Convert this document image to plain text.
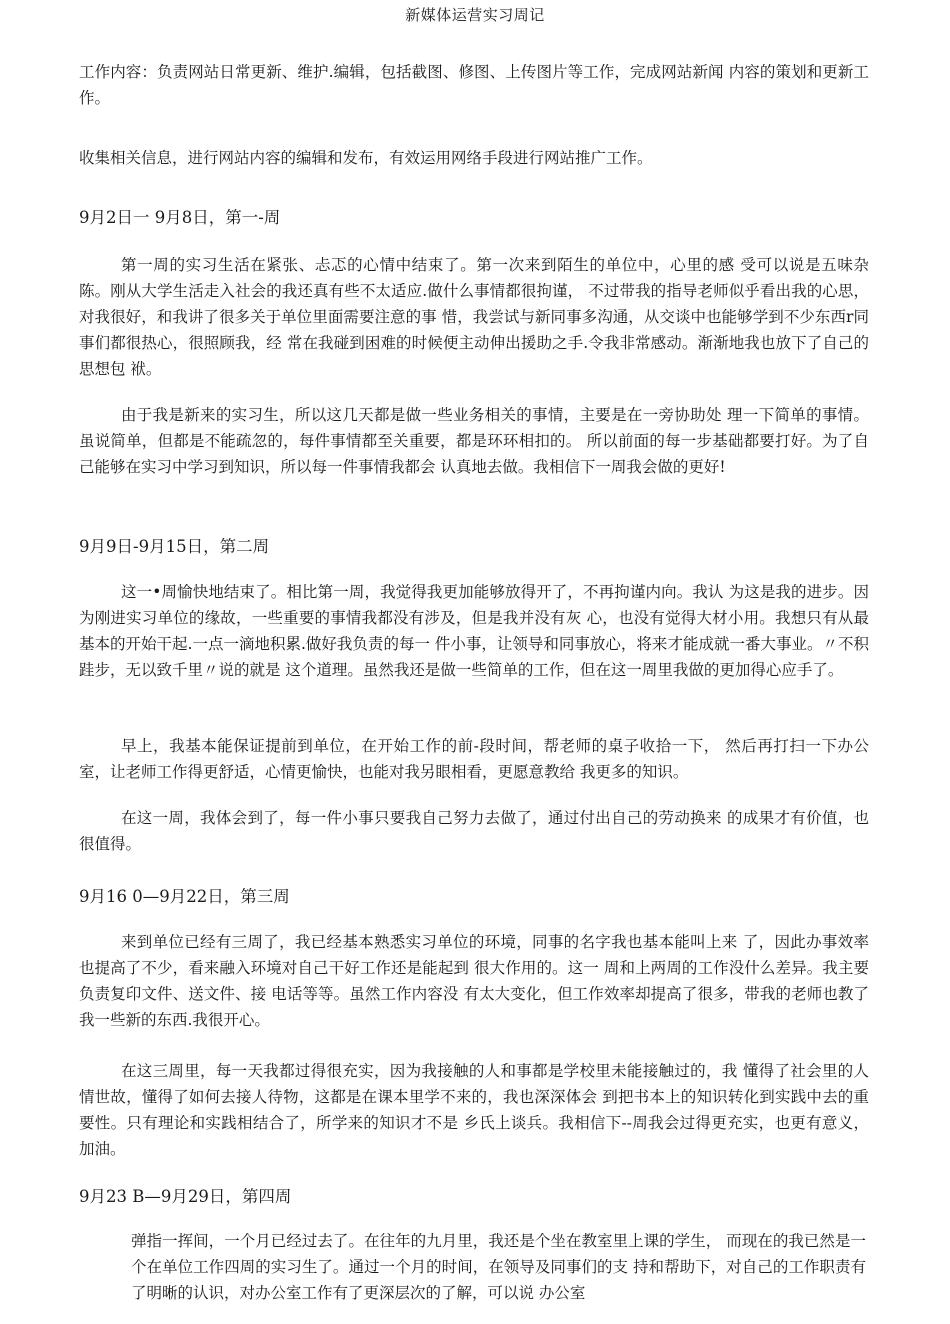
新媒体运营实习周记

工作内容：负责网站日常更新、维护.编辑，包括截图、修图、上传图片等工作，完成网站新闻 内容的策划和更新工作。

收集相关信息，进行网站内容的编辑和发布，有效运用网络手段进行网站推广工作。

9月2日一 9月8日，第一-周

第一周的实习生活在紧张、忐忑的心情中结束了。第一次来到陌生的单位中，心里的感 受可以说是五味杂陈。刚从大学生活走入社会的我还真有些不太适应.做什么事情都很拘谨， 不过带我的指导老师似乎看出我的心思，对我很好，和我讲了很多关于单位里面需要注意的事 惜，我尝试与新同事多沟通，从交谈中也能够学到不少东西r同事们都很热心，很照顾我，经 常在我碰到困难的时候便主动伸出援助之手.令我非常感动。渐渐地我也放下了自己的思想包 袱。

由于我是新来的实习生，所以这几天都是做一些业务相关的事情，主要是在一旁协助处 理一下简单的事情。虽说简单，但都是不能疏忽的，每件事情都至关重要，都是环环相扣的。 所以前面的每一步基础都要打好。为了自己能够在实习中学习到知识，所以每一件事情我都会 认真地去做。我相信下一周我会做的更好!

9月9日-9月15日，第二周

这一•周愉快地结束了。相比第一周，我觉得我更加能够放得开了，不再拘谨内向。我认 为这是我的进步。因为刚进实习单位的缘故，一些重要的事情我都没有涉及，但是我并没有灰 心，也没有觉得大材小用。我想只有从最基本的开始干起.一点一滴地积累.做好我负责的每一 件小事，让领导和同事放心，将来才能成就一番大事业。〃不积跬步，无以致千里〃说的就是 这个道理。虽然我还是做一些简单的工作，但在这一周里我做的更加得心应手了。

早上，我基本能保证提前到单位，在开始工作的前-段时间，帮老师的桌子收拾一下， 然后再打扫一下办公室，让老师工作得更舒适，心情更愉快，也能对我另眼相看，更愿意教给 我更多的知识。

在这一周，我体会到了，每一件小事只要我自己努力去做了，通过付出自己的劳动换来 的成果才有价值，也很值得。

9月16 0—9月22日，第三周

来到单位已经有三周了，我已经基本熟悉实习单位的环境，同事的名字我也基本能叫上来 了，因此办事效率也提高了不少，看来融入环境对自己干好工作还是能起到 很大作用的。这一 周和上两周的工作没什么差异。我主要负责复印文件、送文件、接 电话等等。虽然工作内容没 有太大变化，但工作效率却提高了很多，带我的老师也教了我一些新的东西.我很开心。

在这三周里，每一天我都过得很充实，因为我接触的人和事都是学校里未能接触过的，我 懂得了社会里的人情世故，懂得了如何去接人待物，这都是在课本里学不来的，我也深深体会 到把书本上的知识转化到实践中去的重要性。只有理论和实践相结合了，所学来的知识才不是 乡氏上谈兵。我相信下--周我会过得更充实，也更有意义，加油。

9月23 B—9月29日，第四周

弹指一挥间，一个月已经过去了。在往年的九月里，我还是个坐在教室里上课的学生， 而现在的我已然是一个在单位工作四周的实习生了。通过一个月的时间，在领导及同事们的支 持和帮助下，对自己的工作职责有了明晰的认识，对办公室工作有了更深层次的了解，可以说 办公室
